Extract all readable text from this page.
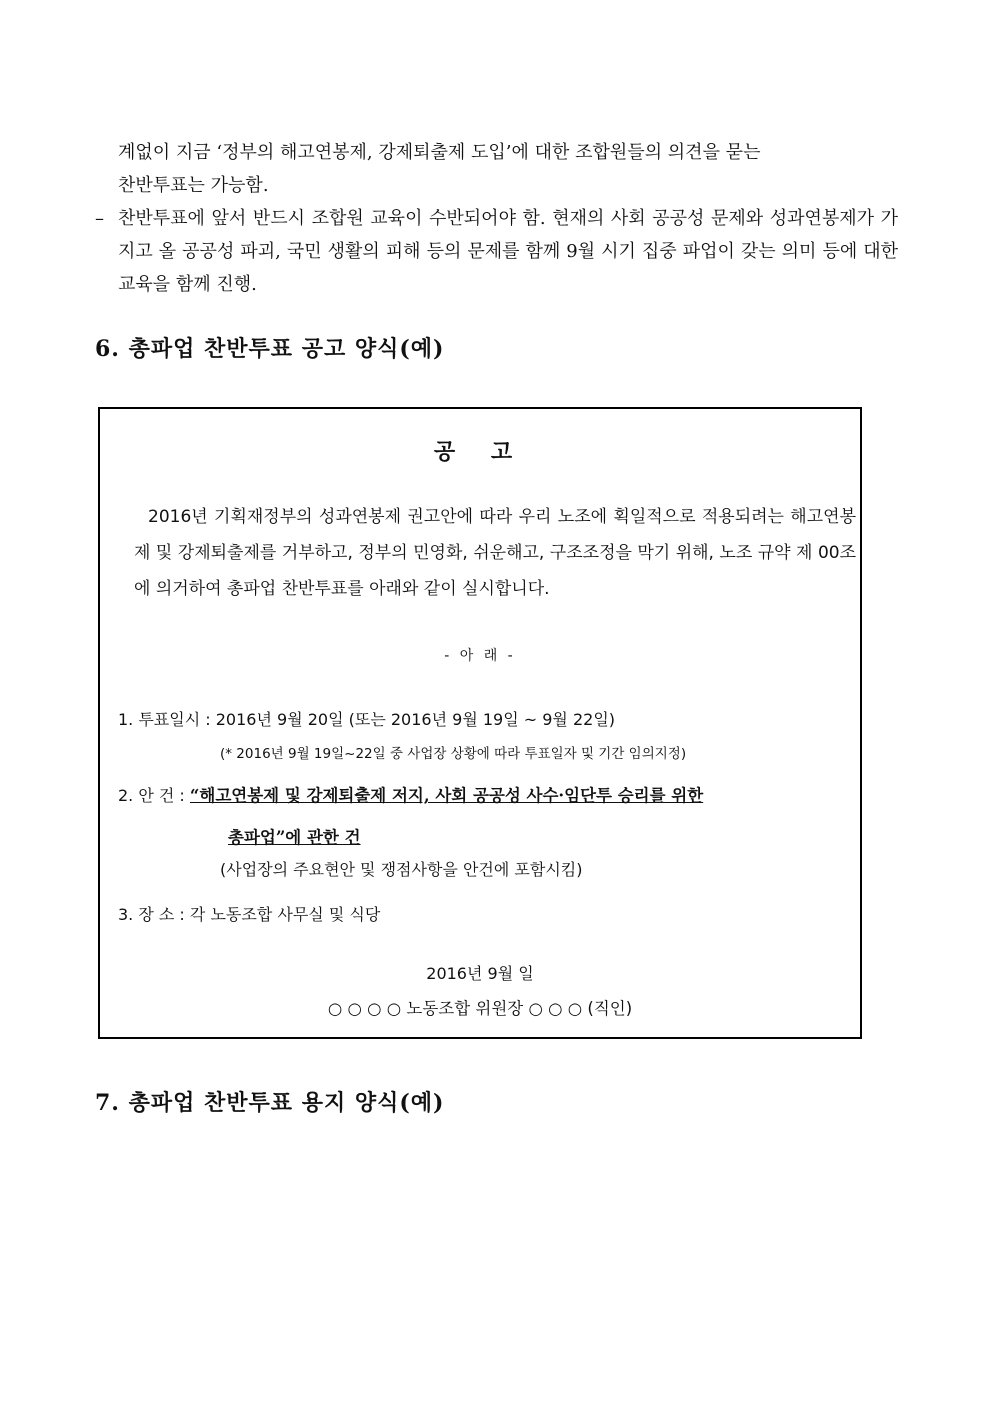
계없이 지금 ‘정부의 해고연봉제, 강제퇴출제 도입’에 대한 조합원들의 의견을 묻는
찬반투표는 가능함.
– 찬반투표에 앞서 반드시 조합원 교육이 수반되어야 함. 현재의 사회 공공성 문제와 성과연봉제가 가지고 올 공공성 파괴, 국민 생활의 피해 등의 문제를 함께 9월 시기 집중 파업이 갖는 의미 등에 대한 교육을 함께 진행.
6. 총파업 찬반투표 공고 양식(예)
공 고
2016년 기획재정부의 성과연봉제 권고안에 따라 우리 노조에 획일적으로 적용되려는 해고연봉제 및 강제퇴출제를 거부하고, 정부의 민영화, 쉬운해고, 구조조정을 막기 위해, 노조 규약 제 00조에 의거하여 총파업 찬반투표를 아래와 같이 실시합니다.
- 아 래 -
1. 투표일시 : 2016년 9월 20일 (또는 2016년 9월 19일 ~ 9월 22일)
(* 2016년 9월 19일~22일 중 사업장 상황에 따라 투표일자 및 기간 임의지정)
2. 안 건 : “해고연봉제 및 강제퇴출제 저지, 사회 공공성 사수·임단투 승리를 위한
총파업”에 관한 건
(사업장의 주요현안 및 쟁점사항을 안건에 포함시킴)
3. 장 소 : 각 노동조합 사무실 및 식당
2016년 9월 일
○ ○ ○ ○ 노동조합 위원장 ○ ○ ○ (직인)
7. 총파업 찬반투표 용지 양식(예)
